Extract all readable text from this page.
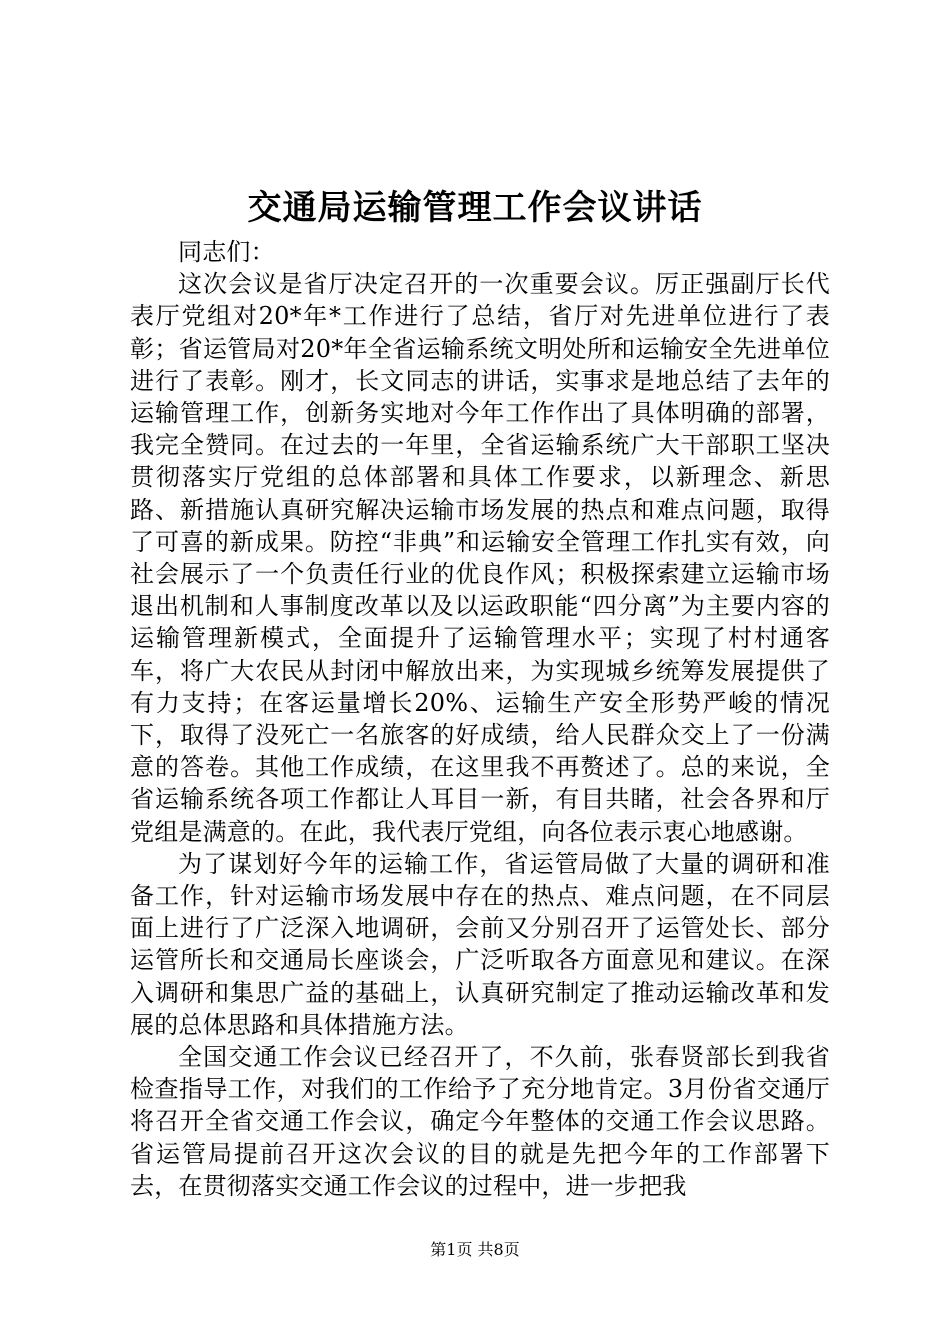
交通局运输管理工作会议讲话

同志们：

这次会议是省厅决定召开的一次重要会议。厉正强副厅长代表厅党组对20*年*工作进行了总结，省厅对先进单位进行了表彰；省运管局对20*年全省运输系统文明处所和运输安全先进单位进行了表彰。刚才，长文同志的讲话，实事求是地总结了去年的运输管理工作，创新务实地对今年工作作出了具体明确的部署，我完全赞同。在过去的一年里，全省运输系统广大干部职工坚决贯彻落实厅党组的总体部署和具体工作要求，以新理念、新思路、新措施认真研究解决运输市场发展的热点和难点问题，取得了可喜的新成果。防控“非典”和运输安全管理工作扎实有效，向社会展示了一个负责任行业的优良作风；积极探索建立运输市场退出机制和人事制度改革以及以运政职能“四分离”为主要内容的运输管理新模式，全面提升了运输管理水平；实现了村村通客车，将广大农民从封闭中解放出来，为实现城乡统筹发展提供了有力支持；在客运量增长20%、运输生产安全形势严峻的情况下，取得了没死亡一名旅客的好成绩，给人民群众交上了一份满意的答卷。其他工作成绩，在这里我不再赘述了。总的来说，全省运输系统各项工作都让人耳目一新，有目共睹，社会各界和厅党组是满意的。在此，我代表厅党组，向各位表示衷心地感谢。

为了谋划好今年的运输工作，省运管局做了大量的调研和准备工作，针对运输市场发展中存在的热点、难点问题，在不同层面上进行了广泛深入地调研，会前又分别召开了运管处长、部分运管所长和交通局长座谈会，广泛听取各方面意见和建议。在深入调研和集思广益的基础上，认真研究制定了推动运输改革和发展的总体思路和具体措施方法。

全国交通工作会议已经召开了，不久前，张春贤部长到我省检查指导工作，对我们的工作给予了充分地肯定。3月份省交通厅将召开全省交通工作会议，确定今年整体的交通工作会议思路。省运管局提前召开这次会议的目的就是先把今年的工作部署下去，在贯彻落实交通工作会议的过程中，进一步把我

第1页 共8页
